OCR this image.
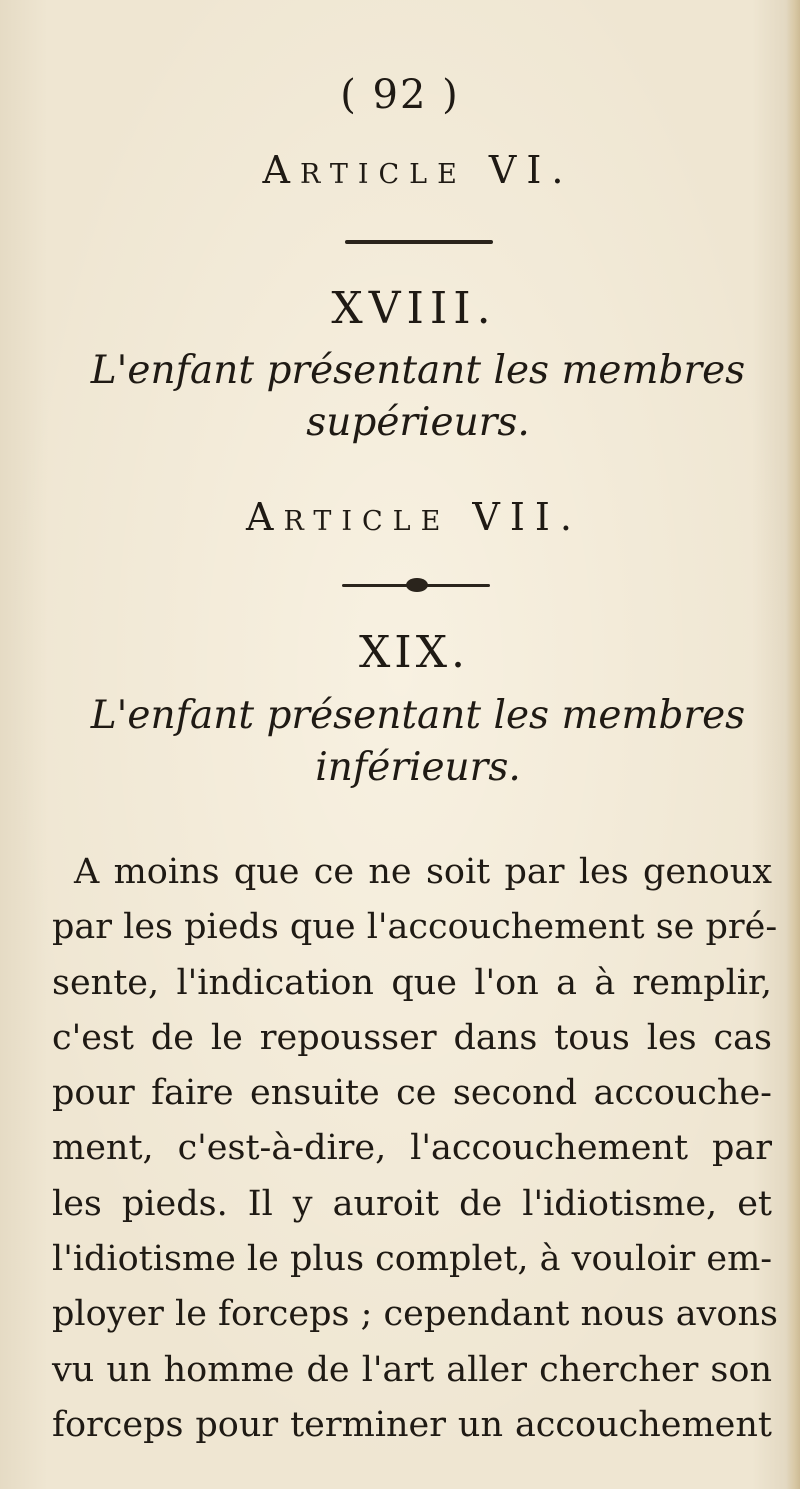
( 92 )
Article VI.
XVIII.
L'enfant présentant les membres
supérieurs.
Article VII.
XIX.
L'enfant présentant les membres
inférieurs.
A moins que ce ne soit par les genoux
par les pieds que l'accouchement se pré-
sente, l'indication que l'on a à remplir,
c'est de le repousser dans tous les cas
pour faire ensuite ce second accouche-
ment, c'est-à-dire, l'accouchement par
les pieds. Il y auroit de l'idiotisme, et
l'idiotisme le plus complet, à vouloir em-
ployer le forceps ; cependant nous avons
vu un homme de l'art aller chercher son
forceps pour terminer un accouchement
